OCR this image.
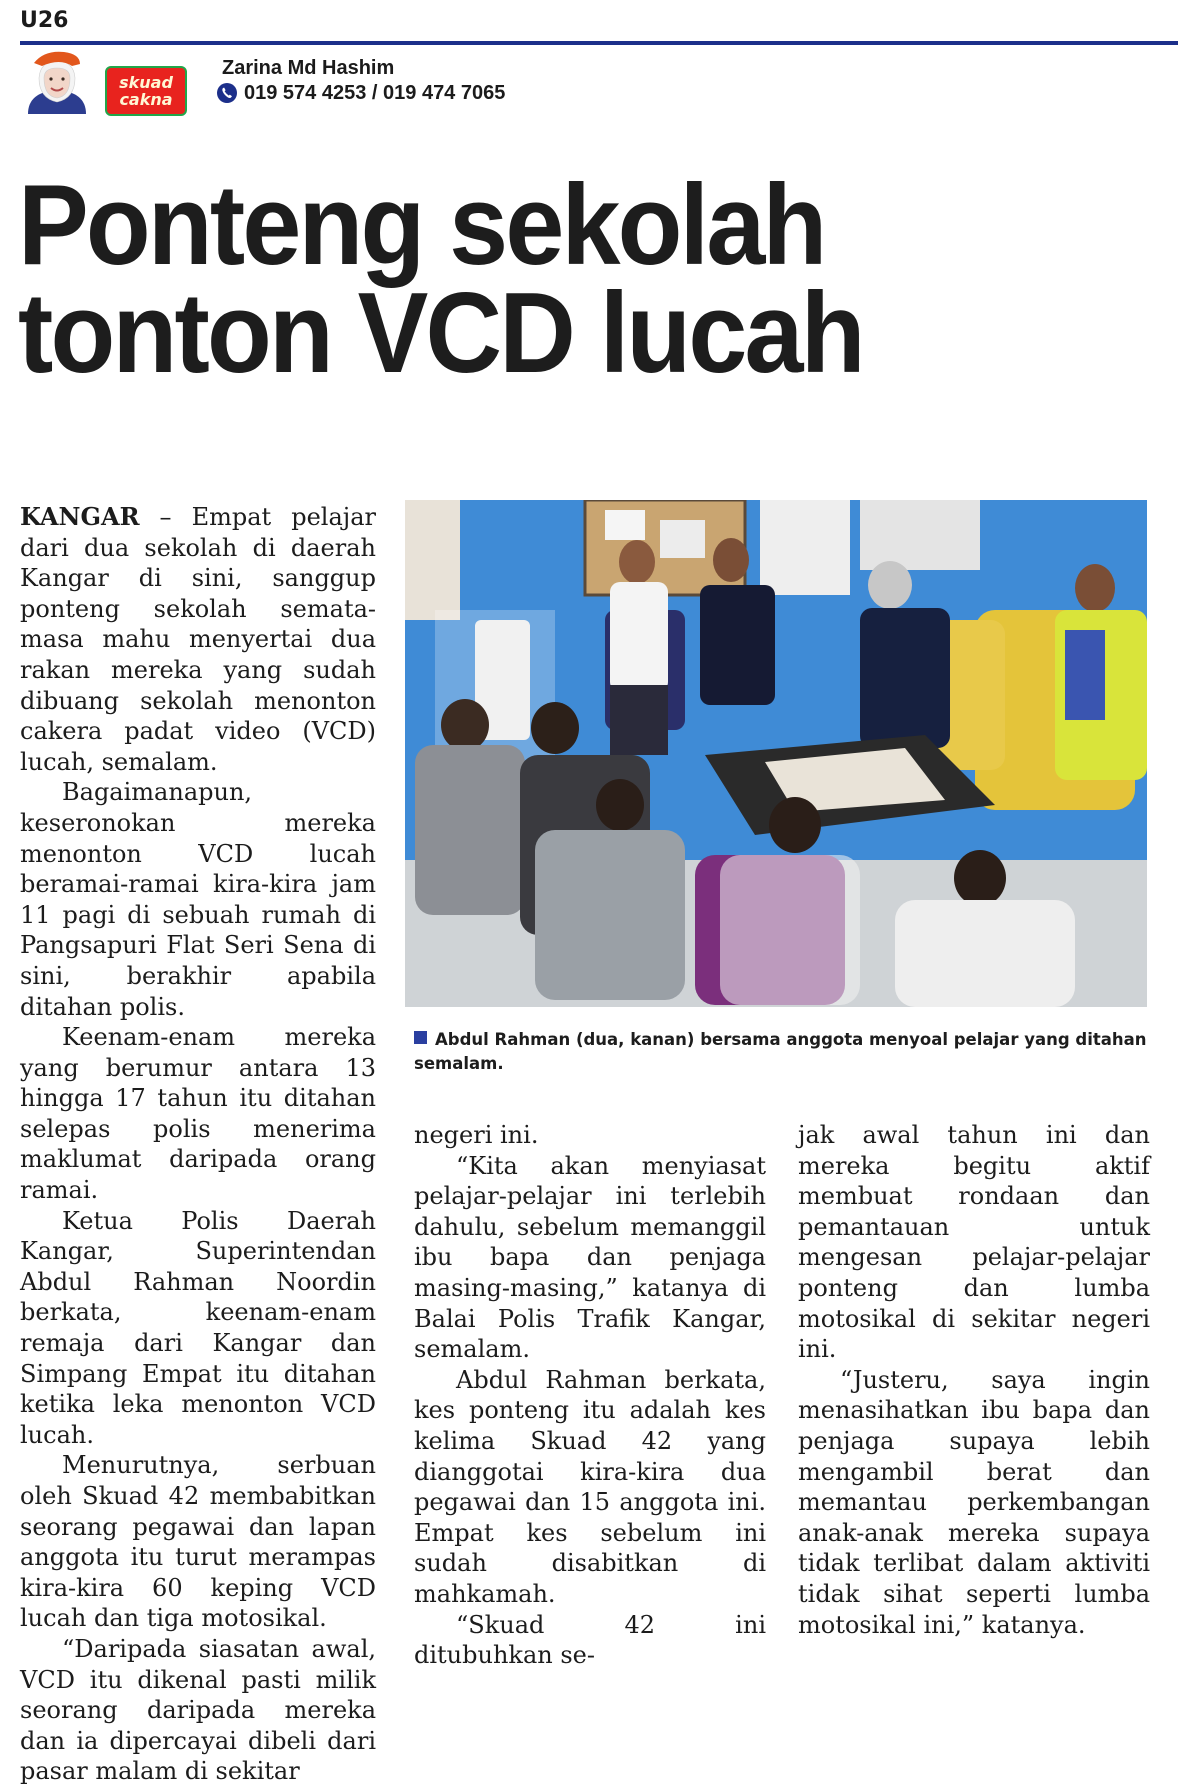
U26
skuad
cakna
Zarina Md Hashim
019 574 4253 / 019 474 7065
Ponteng sekolah
tonton VCD lucah

KANGAR – Empat pelajar dari dua sekolah di daerah Kangar di sini, sanggup ponteng sekolah semata-masa mahu menyertai dua rakan mereka yang sudah dibuang sekolah menonton cakera padat video (VCD) lucah, semalam.

Bagaimanapun, keseronokan mereka menonton VCD lucah beramai-ramai kira-kira jam 11 pagi di sebuah rumah di Pangsapuri Flat Seri Sena di sini, berakhir apabila ditahan polis.

Keenam-enam mereka yang berumur antara 13 hingga 17 tahun itu ditahan selepas polis menerima maklumat daripada orang ramai.

Ketua Polis Daerah Kangar, Superintendan Abdul Rahman Noordin berkata, keenam-enam remaja dari Kangar dan Simpang Empat itu ditahan ketika leka menonton VCD lucah.

Menurutnya, serbuan oleh Skuad 42 membabitkan seorang pegawai dan lapan anggota itu turut merampas kira-kira 60 keping VCD lucah dan tiga motosikal.

“Daripada siasatan awal, VCD itu dikenal pasti milik seorang daripada mereka dan ia dipercayai dibeli dari pasar malam di sekitar

Abdul Rahman (dua, kanan) bersama anggota menyoal pelajar yang ditahan semalam.

negeri ini.

“Kita akan menyiasat pelajar-pelajar ini terlebih dahulu, sebelum memanggil ibu bapa dan penjaga masing-masing,” katanya di Balai Polis Trafik Kangar, semalam.

Abdul Rahman berkata, kes ponteng itu adalah kes kelima Skuad 42 yang dianggotai kira-kira dua pegawai dan 15 anggota ini. Empat kes sebelum ini sudah disabitkan di mahkamah.

“Skuad 42 ini ditubuhkan se-

jak awal tahun ini dan mereka begitu aktif membuat rondaan dan pemantauan untuk mengesan pelajar-pelajar ponteng dan lumba motosikal di sekitar negeri ini.

“Justeru, saya ingin menasihatkan ibu bapa dan penjaga supaya lebih mengambil berat dan memantau perkembangan anak-anak mereka supaya tidak terlibat dalam aktiviti tidak sihat seperti lumba motosikal ini,” katanya.
